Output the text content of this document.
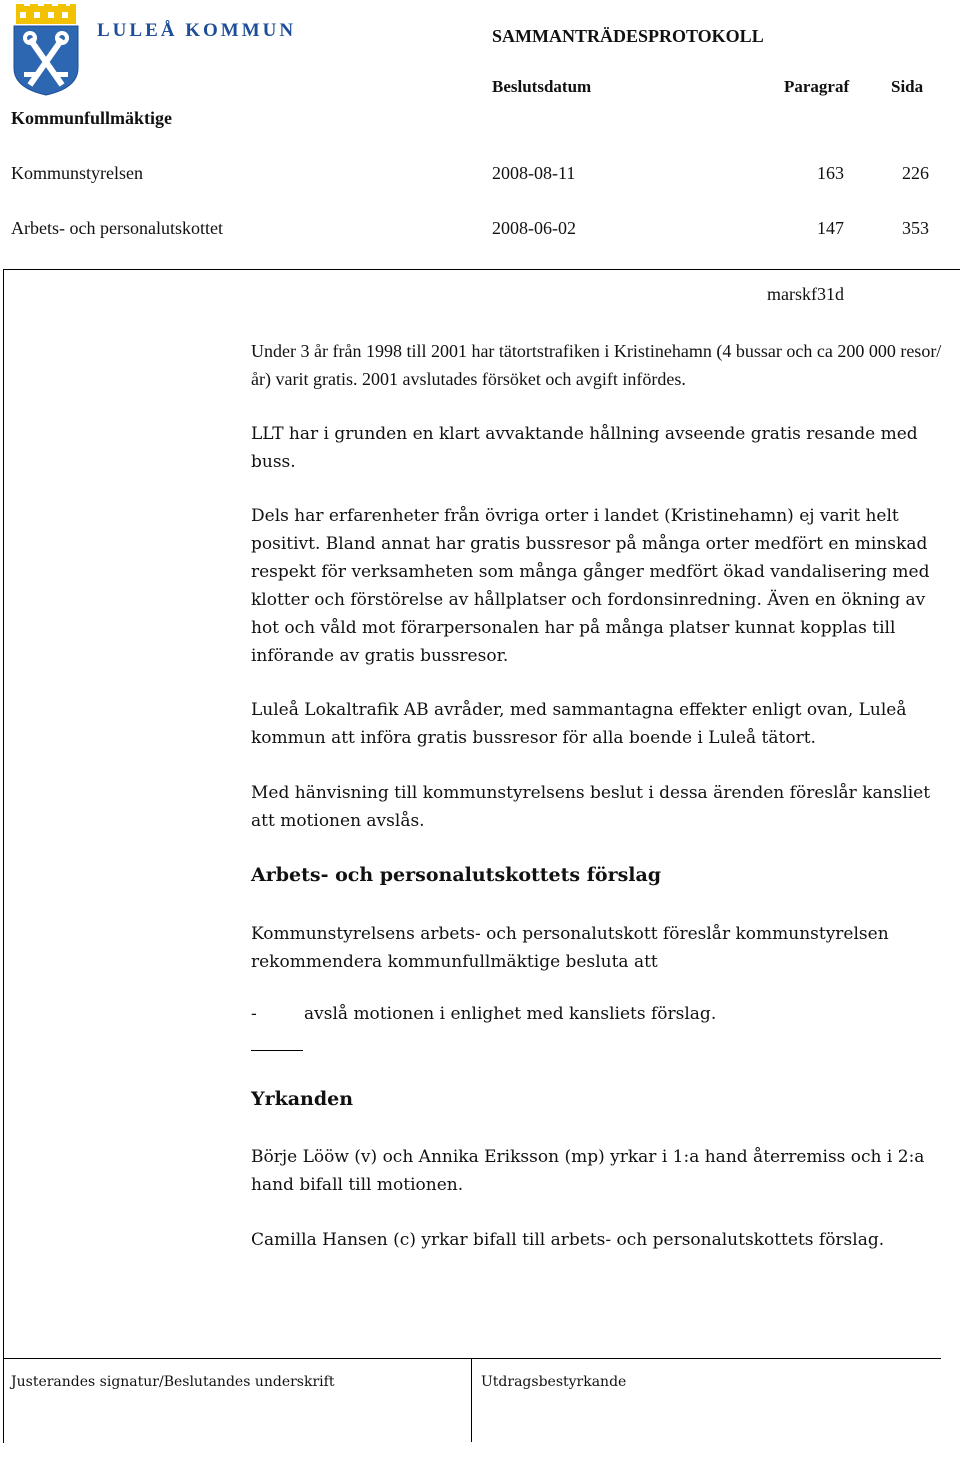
LULEÅ KOMMUN	SAMMANTRÄDESPROTOKOLL
Beslutsdatum	Paragraf Sida
Kommunfullmäktige
Kommunstyrelsen	2008-08-11	163	226
Arbets- och personalutskottet	2008-06-02	147	353
marskf31d

Under 3 år från 1998 till 2001 har tätortstrafiken i Kristinehamn (4 bussar och ca 200 000 resor/år) varit gratis. 2001 avslutades försöket och avgift infördes.

LLT har i grunden en klart avvaktande hållning avseende gratis resande med buss.

Dels har erfarenheter från övriga orter i landet (Kristinehamn) ej varit helt positivt. Bland annat har gratis bussresor på många orter medfört en minskad respekt för verksamheten som många gånger medfört ökad vandalisering med klotter och förstörelse av hållplatser och fordonsinredning. Även en ökning av hot och våld mot förarpersonalen har på många platser kunnat kopplas till införande av gratis bussresor.

Luleå Lokaltrafik AB avråder, med sammantagna effekter enligt ovan, Luleå kommun att införa gratis bussresor för alla boende i Luleå tätort.

Med hänvisning till kommunstyrelsens beslut i dessa ärenden föreslår kansliet att motionen avslås.

Arbets- och personalutskottets förslag

Kommunstyrelsens arbets- och personalutskott föreslår kommunstyrelsen rekommendera kommunfullmäktige besluta att

-	avslå motionen i enlighet med kansliets förslag.
Yrkanden

Börje Lööw (v) och Annika Eriksson (mp) yrkar i 1:a hand återremiss och i 2:a hand bifall till motionen.

Camilla Hansen (c) yrkar bifall till arbets- och personalutskottets förslag.

Justerandes signatur/Beslutandes underskrift	Utdragsbestyrkande
